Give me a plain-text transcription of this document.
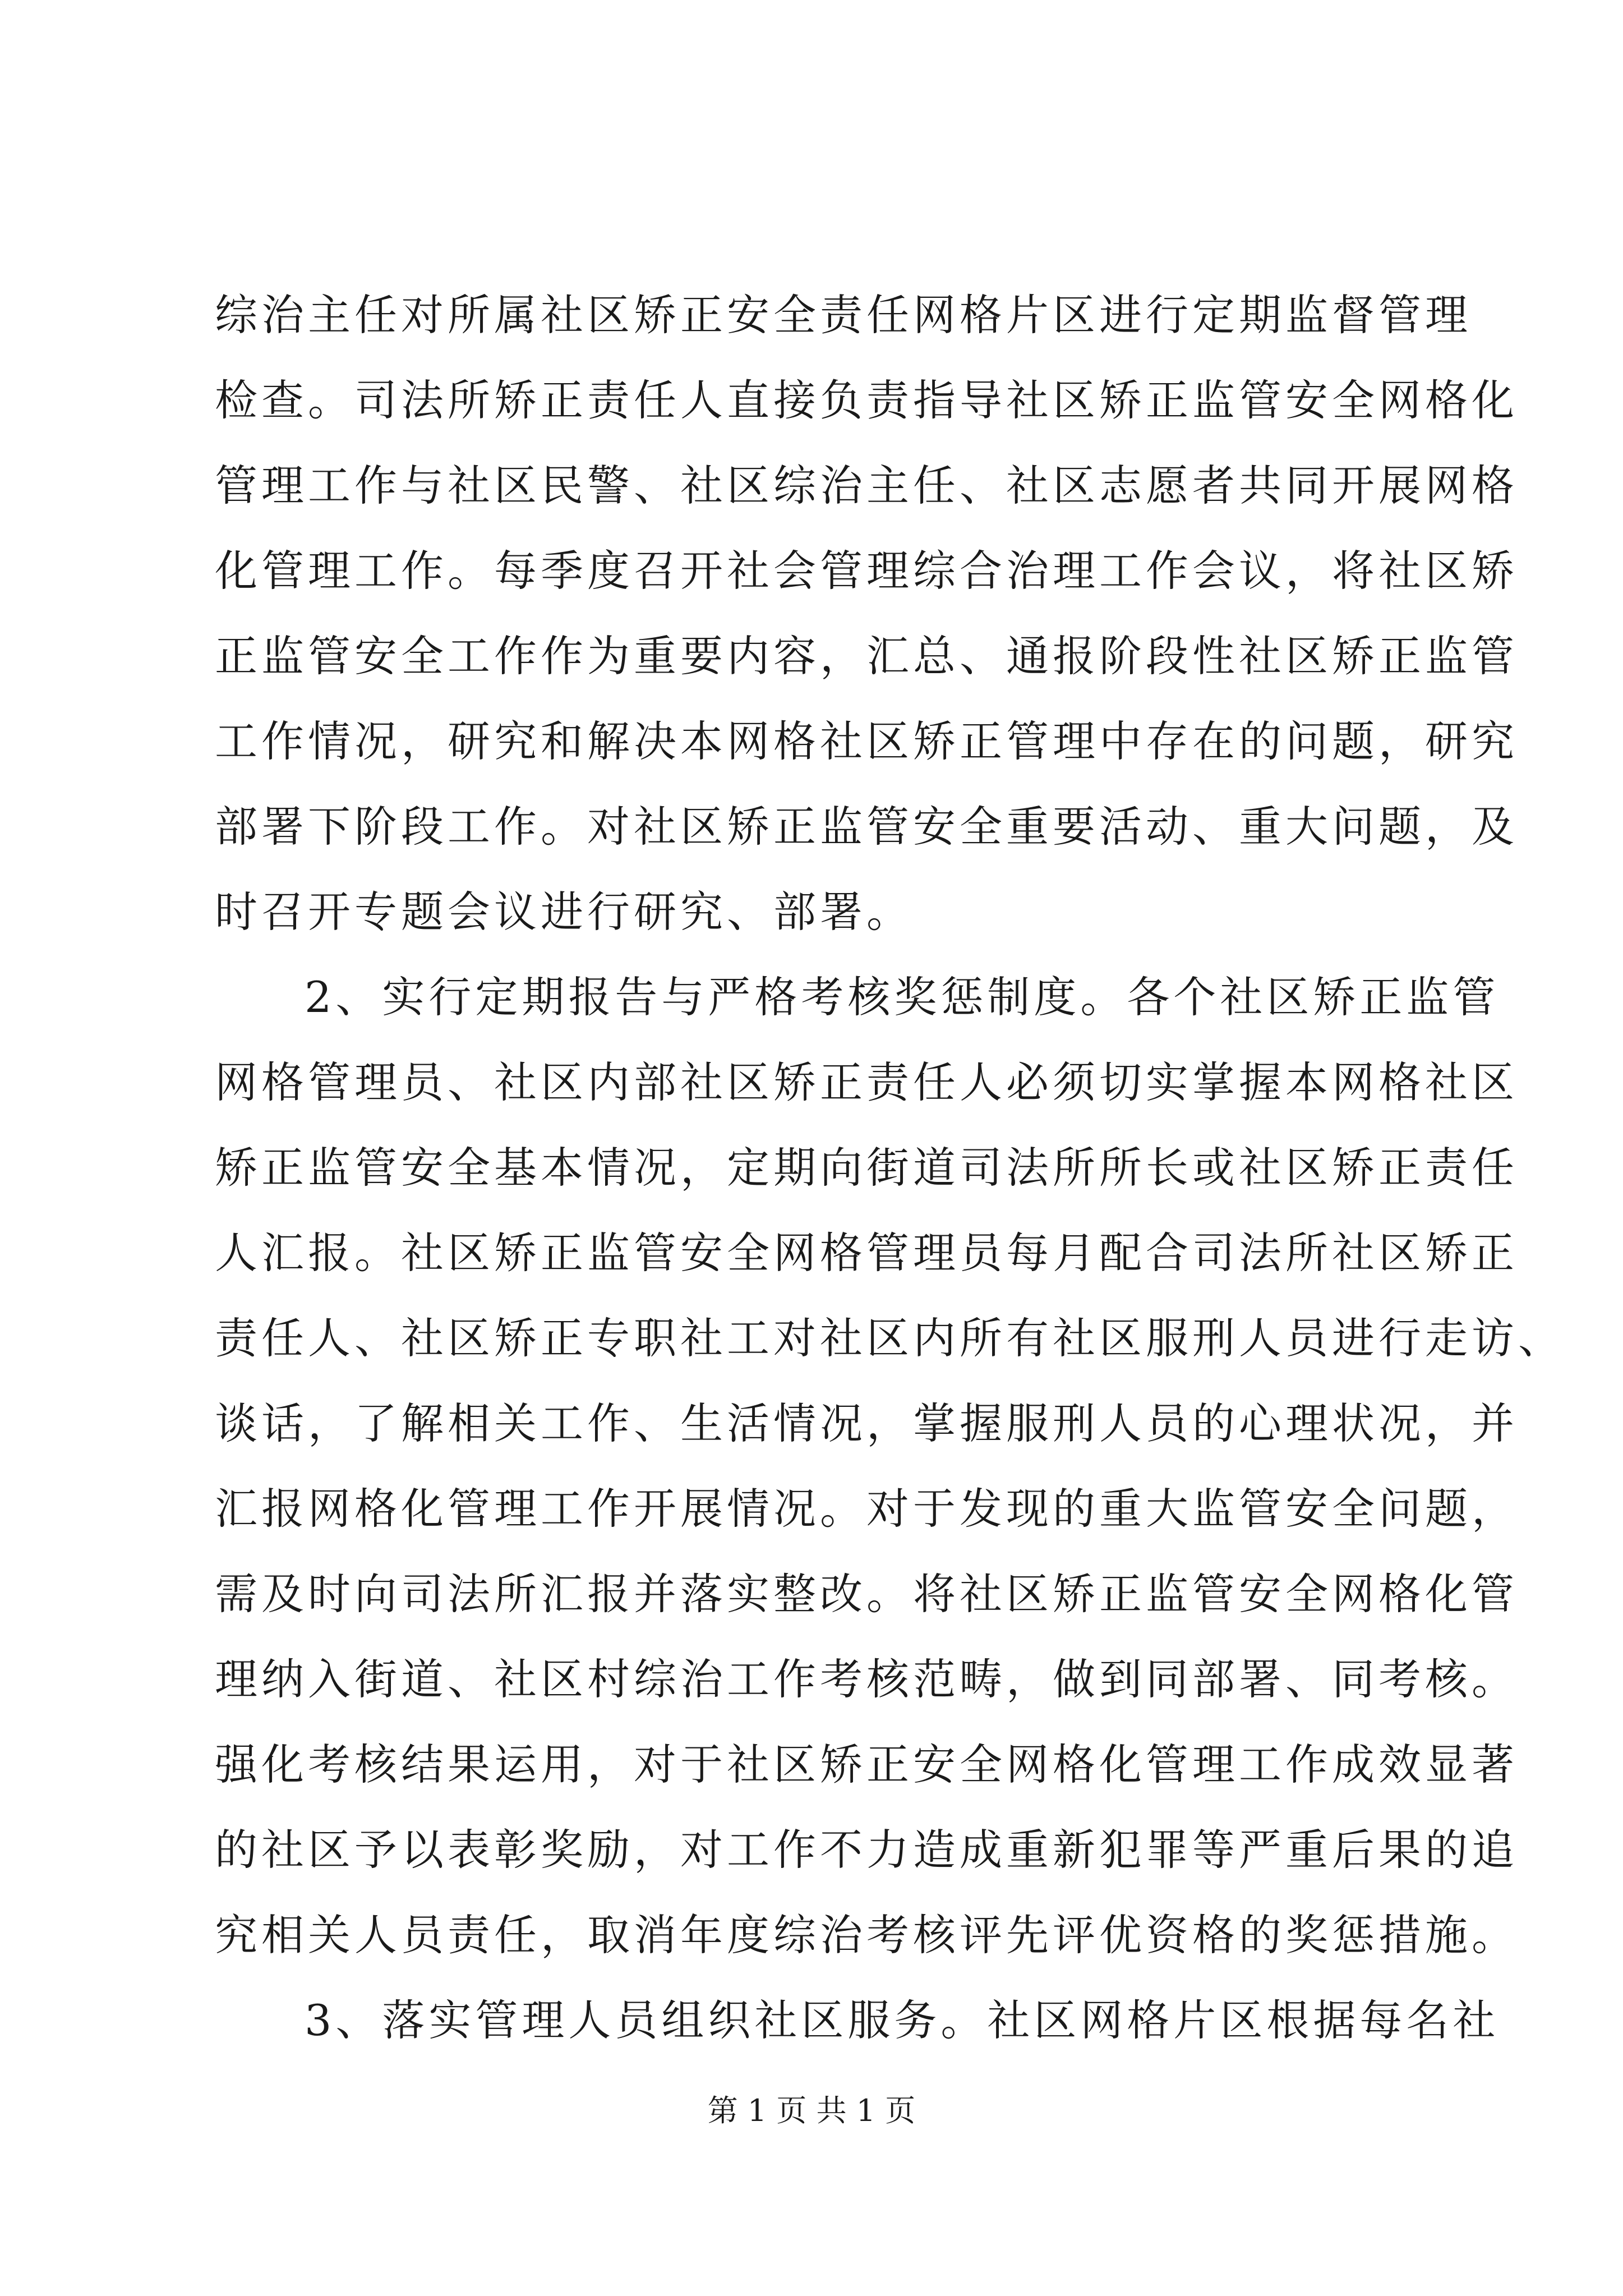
综治主任对所属社区矫正安全责任网格片区进行定期监督管理
检查。司法所矫正责任人直接负责指导社区矫正监管安全网格化
管理工作与社区民警、社区综治主任、社区志愿者共同开展网格
化管理工作。每季度召开社会管理综合治理工作会议，将社区矫
正监管安全工作作为重要内容，汇总、通报阶段性社区矫正监管
工作情况，研究和解决本网格社区矫正管理中存在的问题，研究
部署下阶段工作。对社区矫正监管安全重要活动、重大问题，及
时召开专题会议进行研究、部署。
2、实行定期报告与严格考核奖惩制度。各个社区矫正监管
网格管理员、社区内部社区矫正责任人必须切实掌握本网格社区
矫正监管安全基本情况，定期向街道司法所所长或社区矫正责任
人汇报。社区矫正监管安全网格管理员每月配合司法所社区矫正
责任人、社区矫正专职社工对社区内所有社区服刑人员进行走访、
谈话，了解相关工作、生活情况，掌握服刑人员的心理状况，并
汇报网格化管理工作开展情况。对于发现的重大监管安全问题，
需及时向司法所汇报并落实整改。将社区矫正监管安全网格化管
理纳入街道、社区村综治工作考核范畴，做到同部署、同考核。
强化考核结果运用，对于社区矫正安全网格化管理工作成效显著
的社区予以表彰奖励，对工作不力造成重新犯罪等严重后果的追
究相关人员责任，取消年度综治考核评先评优资格的奖惩措施。
3、落实管理人员组织社区服务。社区网格片区根据每名社
第 1 页 共 1 页
